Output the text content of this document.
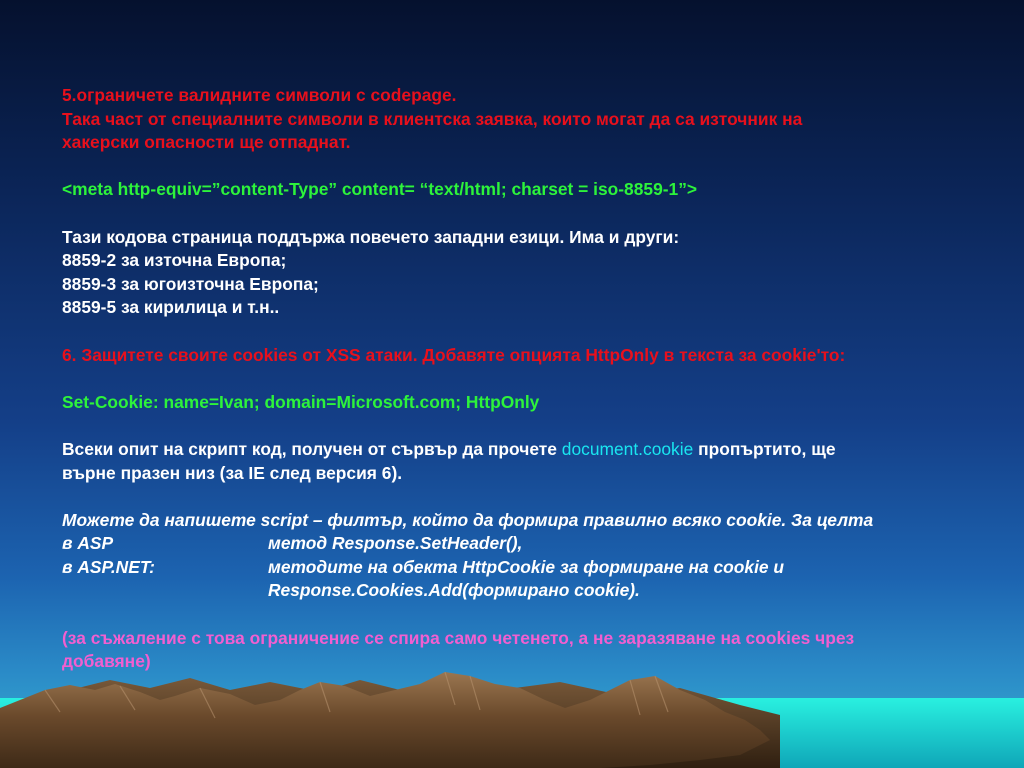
5.ограничете валидните символи с codepage.
Така част от специалните символи в клиентска заявка, които могат да са източник на
хакерски опасности ще отпаднат.
<meta http-equiv=”content-Type” content= “text/html; charset = iso-8859-1”>
Тази кодова страница поддържа повечето западни езици. Има и други:
8859-2 за източна Европа;
8859-3 за югоизточна Европа;
8859-5 за кирилица и т.н..
6. Защитете своите cookies от XSS атаки. Добавяте опцията HttpOnly в текста за cookie'то:
Set-Cookie: name=Ivan; domain=Microsoft.com; HttpOnly
Всеки опит на скрипт код, получен от сървър да прочете document.cookie пропъртито, ще
върне празен низ (за IE след версия 6).
Можете да напишете script – филтър, който да формира правилно всяко cookie. За целта
в ASP	метод Response.SetHeader(),
в ASP.NET:	методите на обекта HttpCookie за формиране на cookie и
Response.Cookies.Add(формирано cookie).
(за съжаление с това ограничение се спира само четенето, а не заразяване на cookies чрез
добавяне)
